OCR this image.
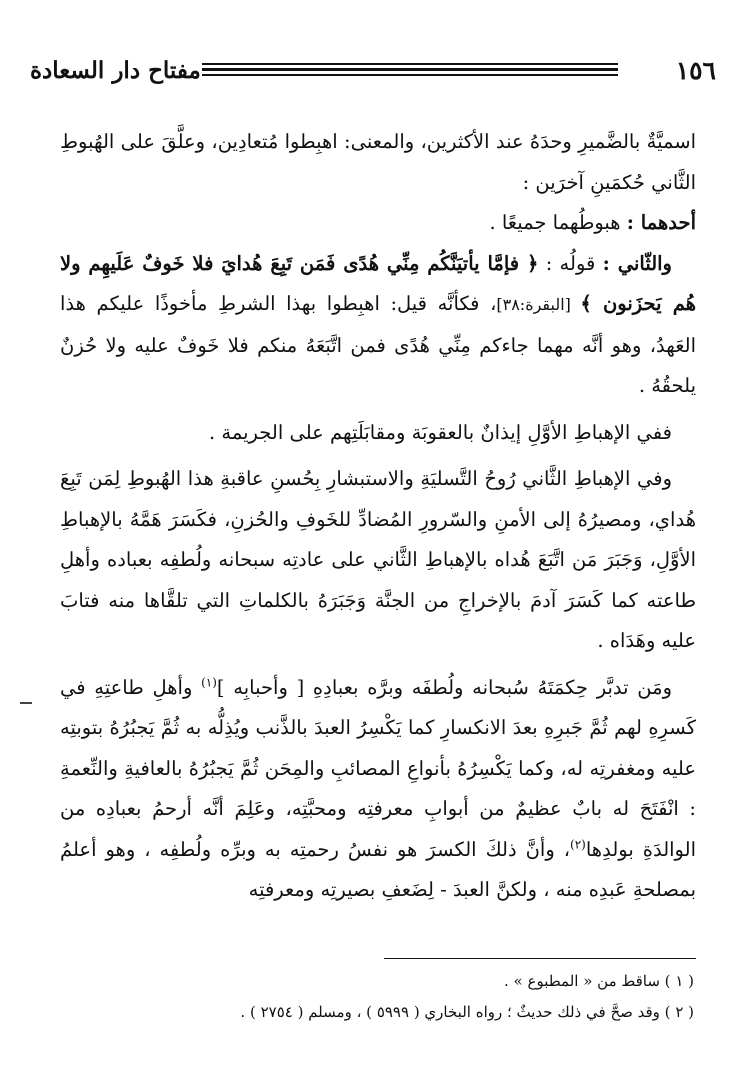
١٥٦
مفتاح دار السعادة

اسميَّةٌ بالضَّميرِ وحدَهُ عند الأكثرين، والمعنى: اهبِطوا مُتعادِين، وعلَّقَ على الهُبوطِ الثَّاني حُكمَينِ آخرَين :

أحدهما : هبوطُهما جميعًا .

والثّاني : قولُه : ﴿ فإمَّا يأتيَنَّكُم مِنِّي هُدًى فَمَن تَبِعَ هُدايَ فلا خَوفٌ عَلَيهِم ولا هُم يَحزَنون ﴾ [البقرة:٣٨]، فكأنَّه قيل: اهبِطوا بهذا الشرطِ مأخوذًا عليكم هذا العَهدُ، وهو أنَّه مهما جاءكم مِنِّي هُدًى فمن اتَّبَعَهُ منكم فلا خَوفٌ عليه ولا حُزنٌ يلحقُهُ .

ففي الإهباطِ الأوَّلِ إيذانٌ بالعقوبَة ومقابَلَتِهم على الجريمة .

وفي الإهباطِ الثَّاني رُوحُ التَّسليَةِ والاستبشارِ بِحُسنِ عاقبةِ هذا الهُبوطِ لِمَن تَبِعَ هُداي، ومصيرُهُ إلى الأمنِ والسّرورِ المُضادِّ للخَوفِ والحُزنِ، فكَسَرَ هَمَّهُ بالإهباطِ الأوَّلِ، وَجَبَرَ مَن اتَّبَعَ هُداه بالإهباطِ الثَّاني على عادتِه سبحانه ولُطفِه بعباده وأهلِ طاعته كما كَسَرَ آدمَ بالإخراجِ من الجنَّة وَجَبَرَهُ بالكلماتِ التي تلقَّاها منه فتابَ عليه وهَدَاه .

ومَن تدبَّر حِكمَتَهُ سُبحانه ولُطفَه وبرَّه بعبادِهِ [ وأحبابِه ]$^{(١)}$ وأهلِ طاعتِهِ في كَسرِهِ لهم ثُمَّ جَبرِهِ بعدَ الانكسارِ كما يَكْسِرُ العبدَ بالذَّنب ويُذِلُّه به ثُمَّ يَجبُرُهُ بتوبتِه عليه ومغفرتِه له، وكما يَكْسِرُهُ بأنواعِ المصائبِ والمِحَن ثُمَّ يَجبُرُهُ بالعافيةِ والنِّعمةِ : انْفَتَحَ له بابٌ عظيمٌ من أبوابِ معرفتِه ومحبَّتِه، وعَلِمَ أنَّه أرحمُ بعبادِه من الوالدَةِ بولدِها$^{(٢)}$، وأنَّ ذلكَ الكسرَ هو نفسُ رحمتِه به وبرِّه ولُطفِه ، وهو أعلمُ بمصلحةِ عَبدِه منه ، ولكنَّ العبدَ - لِضَعفِ بصيرتِه ومعرفتِه

( ١ ) ساقط من « المطبوع » .

( ٢ ) وقد صحَّ في ذلك حديثٌ ؛ رواه البخاري ( ٥٩٩٩ ) ، ومسلم ( ٢٧٥٤ ) .
